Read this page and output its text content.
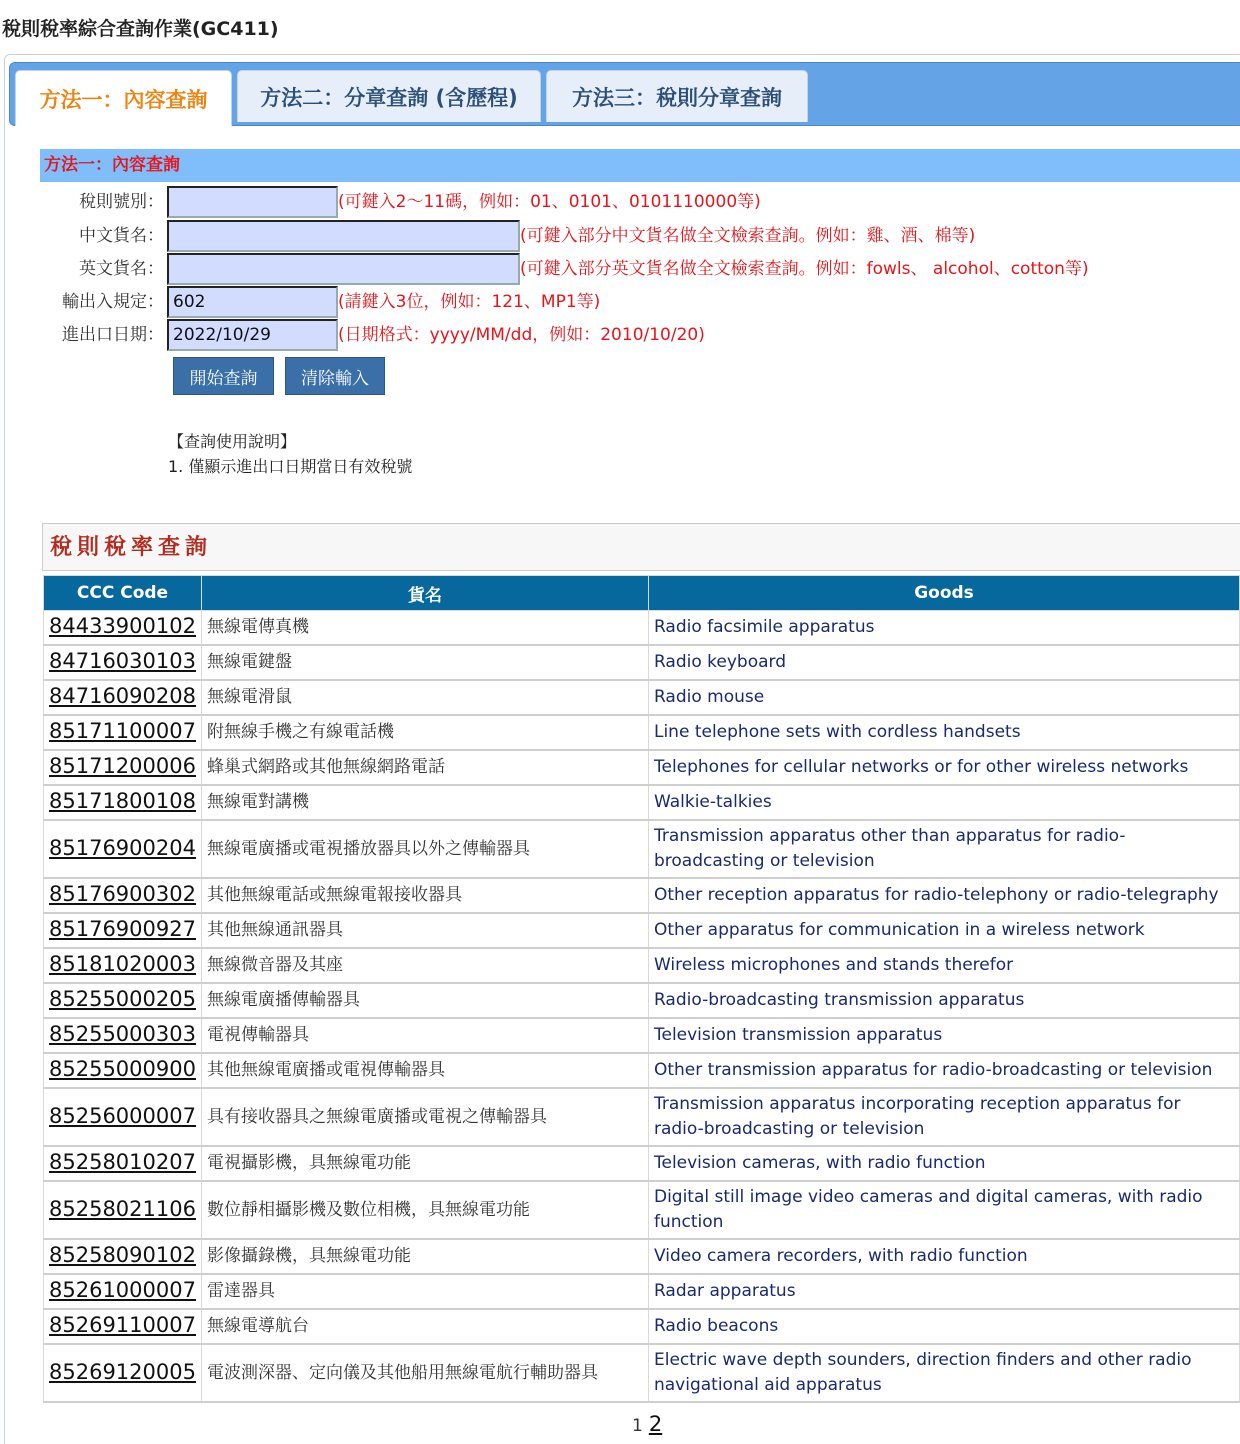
稅則稅率綜合查詢作業(GC411)
方法一：內容查詢	方法二：分章查詢 (含歷程)	方法三：稅則分章查詢
方法一：內容查詢
稅則號別：	(可鍵入2～11碼，例如：01、0101、0101110000等)
中文貨名：	(可鍵入部分中文貨名做全文檢索查詢。例如：雞、酒、棉等)
英文貨名：	(可鍵入部分英文貨名做全文檢索查詢。例如：fowls、 alcohol、cotton等)
輸出入規定：
602	(請鍵入3位，例如：121、MP1等)
進出口日期：
2022/10/29	(日期格式：yyyy/MM/dd，例如：2010/10/20)
開始查詢	清除輸入
【查詢使用說明】
1. 僅顯示進出口日期當日有效稅號
稅則稅率查詢
CCC Code	貨名	Goods
84433900102	無線電傳真機	Radio facsimile apparatus
84716030103	無線電鍵盤	Radio keyboard
84716090208	無線電滑鼠	Radio mouse
85171100007	附無線手機之有線電話機	Line telephone sets with cordless handsets
85171200006	蜂巢式網路或其他無線網路電話	Telephones for cellular networks or for other wireless networks
85171800108	無線電對講機	Walkie-talkies
85176900204	無線電廣播或電視播放器具以外之傳輸器具	Transmission apparatus other than apparatus for radio-broadcasting or television
85176900302	其他無線電話或無線電報接收器具	Other reception apparatus for radio-telephony or radio-telegraphy
85176900927	其他無線通訊器具	Other apparatus for communication in a wireless network
85181020003	無線微音器及其座	Wireless microphones and stands therefor
85255000205	無線電廣播傳輸器具	Radio-broadcasting transmission apparatus
85255000303	電視傳輸器具	Television transmission apparatus
85255000900	其他無線電廣播或電視傳輸器具	Other transmission apparatus for radio-broadcasting or television
85256000007	具有接收器具之無線電廣播或電視之傳輸器具	Transmission apparatus incorporating reception apparatus for radio-broadcasting or television
85258010207	電視攝影機，具無線電功能	Television cameras, with radio function
85258021106	數位靜相攝影機及數位相機，具無線電功能	Digital still image video cameras and digital cameras, with radio function
85258090102	影像攝錄機，具無線電功能	Video camera recorders, with radio function
85261000007	雷達器具	Radar apparatus
85269110007	無線電導航台	Radio beacons
85269120005	電波測深器、定向儀及其他船用無線電航行輔助器具	Electric wave depth sounders, direction finders and other radio navigational aid apparatus
1 2
